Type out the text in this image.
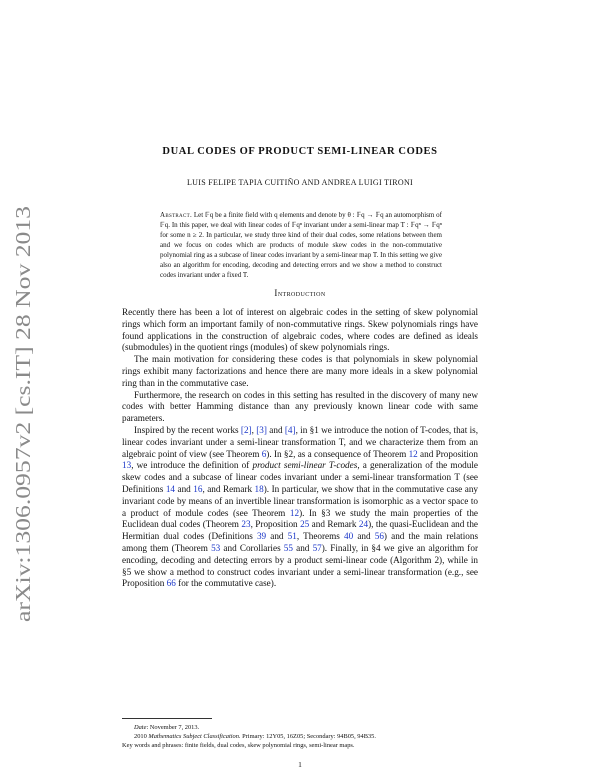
arXiv:1306.0957v2 [cs.IT] 28 Nov 2013
DUAL CODES OF PRODUCT SEMI-LINEAR CODES
LUIS FELIPE TAPIA CUITIÑO AND ANDREA LUIGI TIRONI
Abstract. Let 𝔽q be a finite field with q elements and denote by θ : 𝔽q → 𝔽q an automorphism of 𝔽q. In this paper, we deal with linear codes of 𝔽qⁿ invariant under a semi-linear map T : 𝔽qⁿ → 𝔽qⁿ for some n ≥ 2. In particular, we study three kind of their dual codes, some relations between them and we focus on codes which are products of module skew codes in the non-commutative polynomial ring as a subcase of linear codes invariant by a semi-linear map T. In this setting we give also an algorithm for encoding, decoding and detecting errors and we show a method to construct codes invariant under a fixed T.
Introduction

Recently there has been a lot of interest on algebraic codes in the setting of skew polynomial rings which form an important family of non-commutative rings. Skew polynomials rings have found applications in the construction of algebraic codes, where codes are defined as ideals (submodules) in the quotient rings (modules) of skew polynomials rings.

The main motivation for considering these codes is that polynomials in skew polynomial rings exhibit many factorizations and hence there are many more ideals in a skew polynomial ring than in the commutative case.

Furthermore, the research on codes in this setting has resulted in the discovery of many new codes with better Hamming distance than any previously known linear code with same parameters.

Inspired by the recent works [2], [3] and [4], in §1 we introduce the notion of T-codes, that is, linear codes invariant under a semi-linear transformation T, and we characterize them from an algebraic point of view (see Theorem 6). In §2, as a consequence of Theorem 12 and Proposition 13, we introduce the definition of product semi-linear T-codes, a generalization of the module skew codes and a subcase of linear codes invariant under a semi-linear transformation T (see Definitions 14 and 16, and Remark 18). In particular, we show that in the commutative case any invariant code by means of an invertible linear transformation is isomorphic as a vector space to a product of module codes (see Theorem 12). In §3 we study the main properties of the Euclidean dual codes (Theorem 23, Proposition 25 and Remark 24), the quasi-Euclidean and the Hermitian dual codes (Definitions 39 and 51, Theorems 40 and 56) and the main relations among them (Theorem 53 and Corollaries 55 and 57). Finally, in §4 we give an algorithm for encoding, decoding and detecting errors by a product semi-linear code (Algorithm 2), while in §5 we show a method to construct codes invariant under a semi-linear transformation (e.g., see Proposition 66 for the commutative case).

Date: November 7, 2013.

2010 Mathematics Subject Classification. Primary: 12Y05, 16Z05; Secondary: 94B05, 94B35.

Key words and phrases: finite fields, dual codes, skew polynomial rings, semi-linear maps.

1
